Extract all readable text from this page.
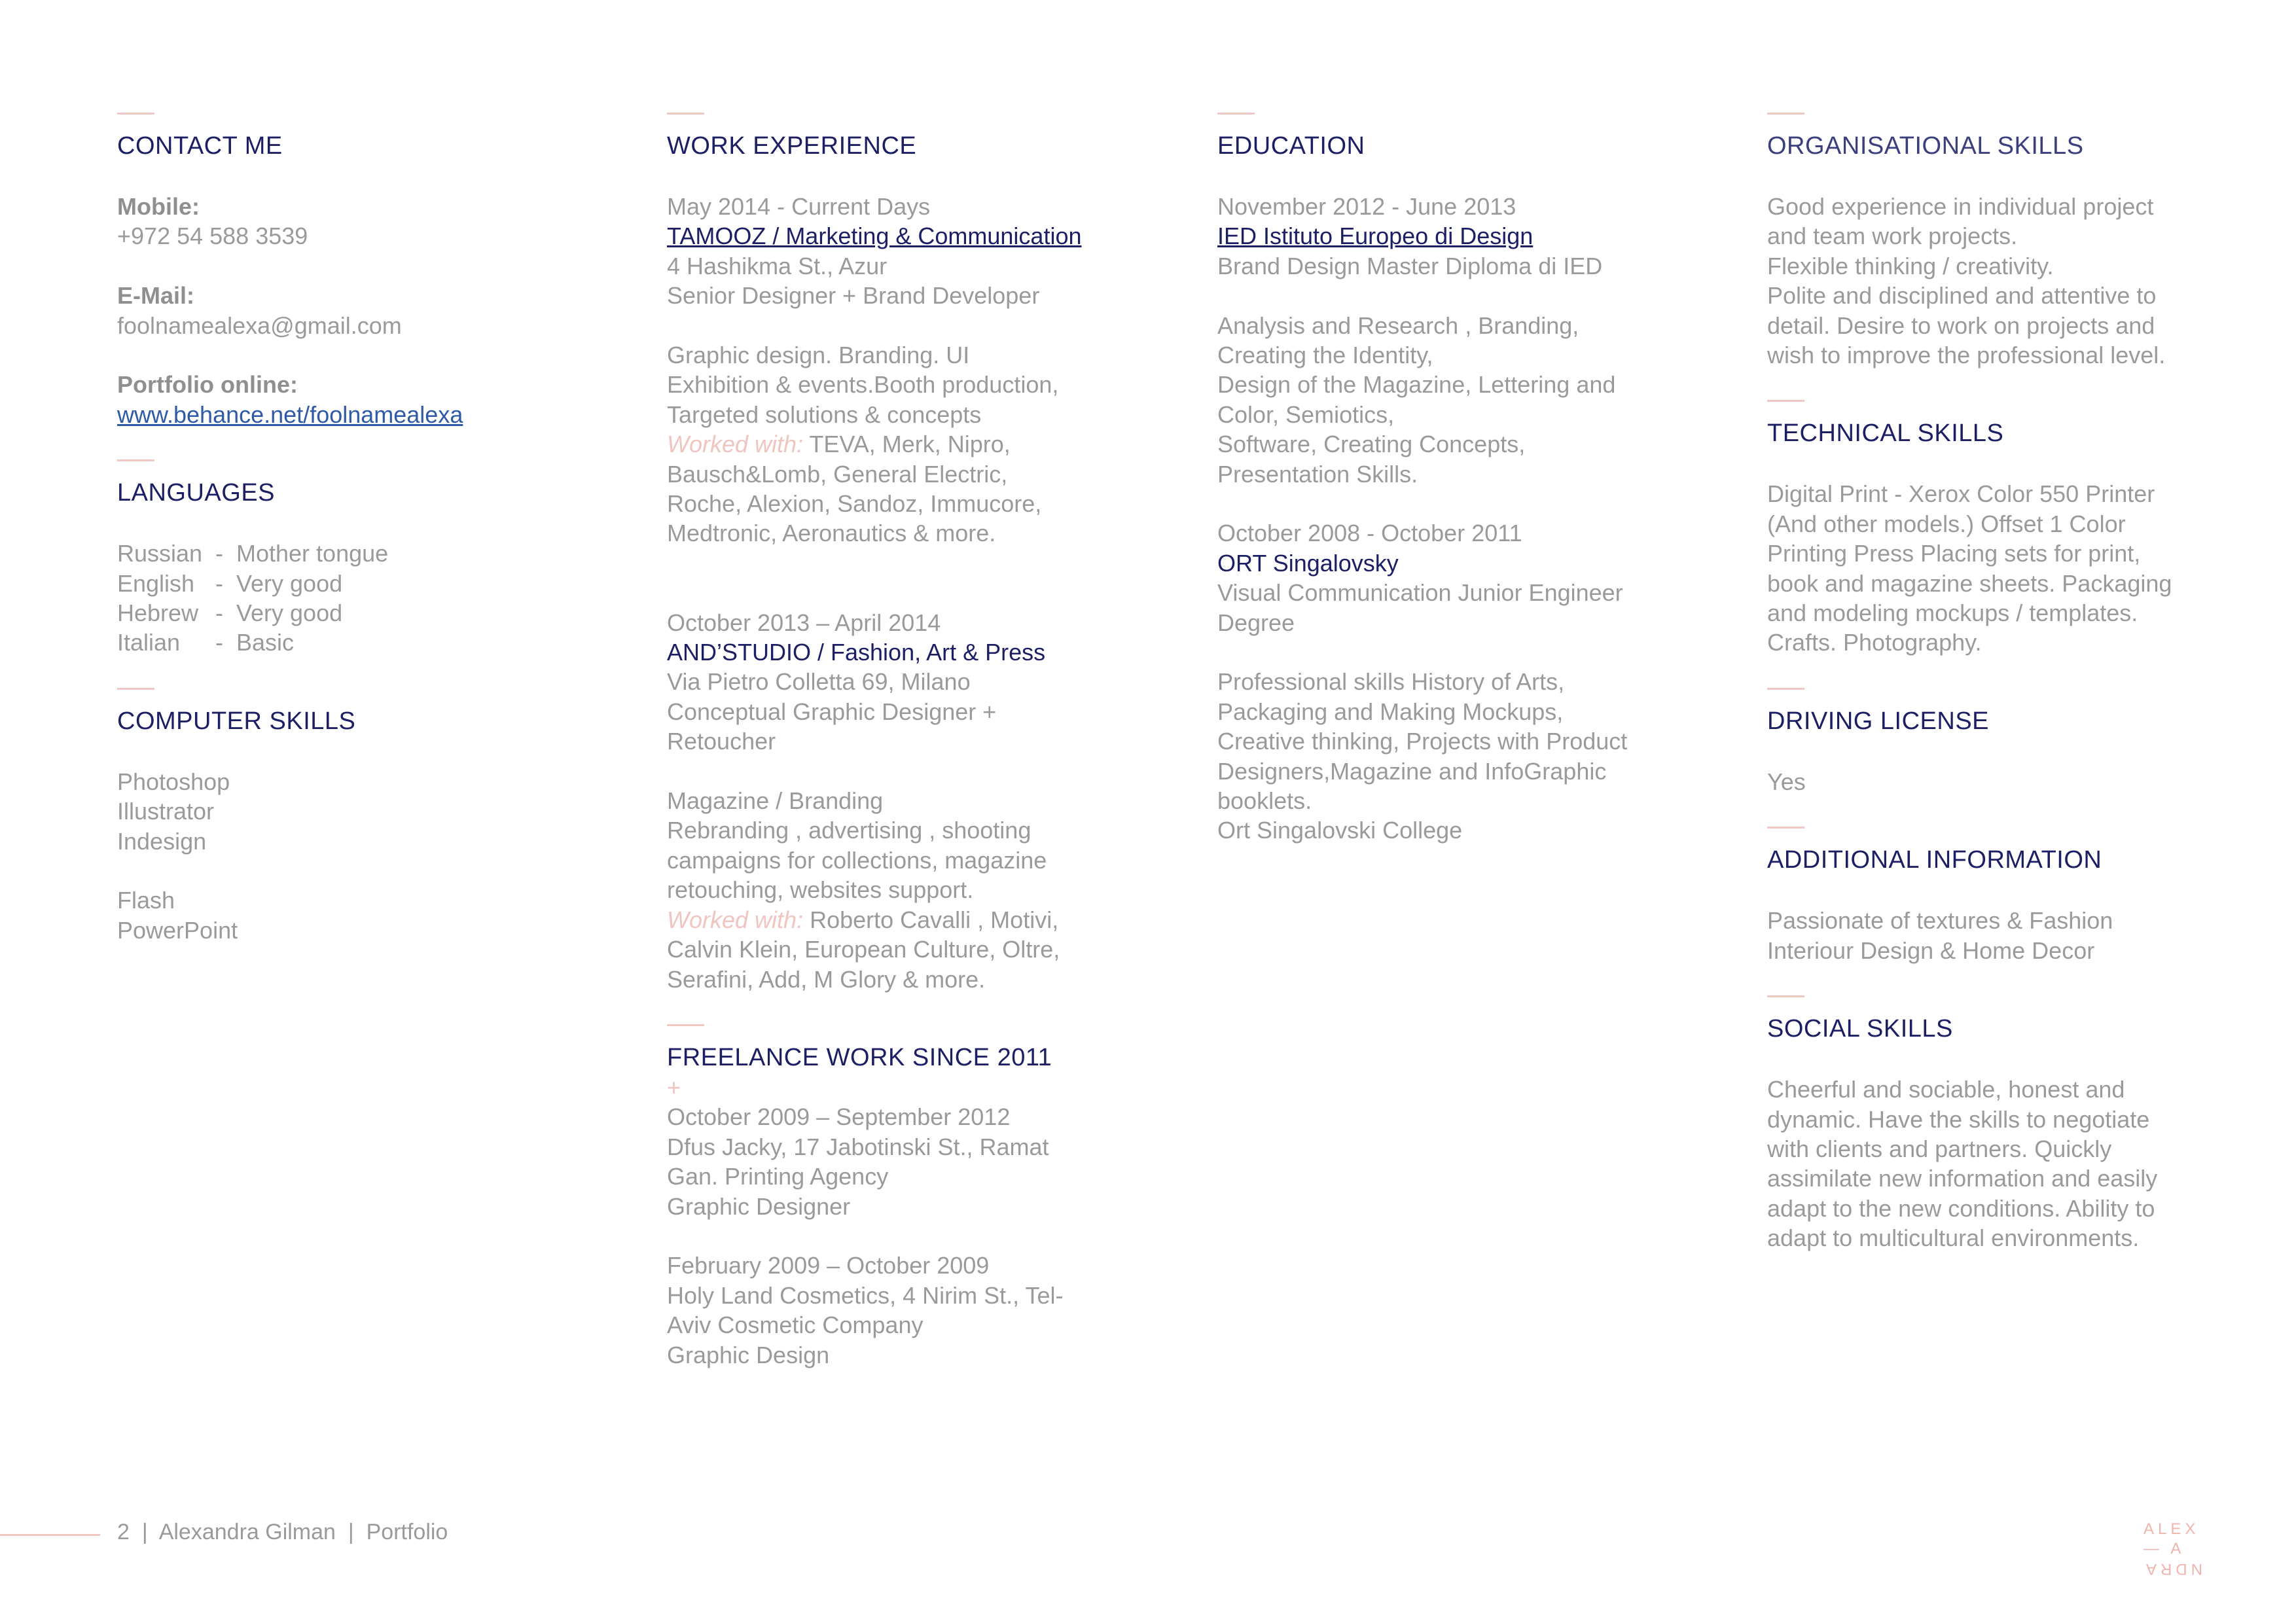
CONTACT ME
Mobile:
+972 54 588 3539
E-Mail:
foolnamealexa@gmail.com
Portfolio online:
www.behance.net/foolnamealexa
LANGUAGES
Russian - Mother tongue
English - Very good
Hebrew - Very good
Italian - Basic
COMPUTER SKILLS
Photoshop
Illustrator
Indesign
Flash
PowerPoint
WORK EXPERIENCE
May 2014 - Current Days
TAMOOZ / Marketing & Communication
4 Hashikma St., Azur
Senior Designer + Brand Developer
Graphic design. Branding. UI
Exhibition & events.Booth production,
Targeted solutions & concepts
Worked with: TEVA, Merk, Nipro,
Bausch&Lomb, General Electric,
Roche, Alexion, Sandoz, Immucore,
Medtronic, Aeronautics & more.
October 2013 – April 2014
AND’STUDIO / Fashion, Art & Press
Via Pietro Colletta 69, Milano
Conceptual Graphic Designer +
Retoucher
Magazine / Branding
Rebranding , advertising , shooting
campaigns for collections, magazine
retouching, websites support.
Worked with: Roberto Cavalli , Motivi,
Calvin Klein, European Culture, Oltre,
Serafini, Add, M Glory & more.
FREELANCE WORK SINCE 2011
+
October 2009 – September 2012
Dfus Jacky, 17 Jabotinski St., Ramat
Gan. Printing Agency
Graphic Designer
February 2009 – October 2009
Holy Land Cosmetics, 4 Nirim St., Tel-
Aviv Cosmetic Company
Graphic Design
EDUCATION
November 2012 - June 2013
IED Istituto Europeo di Design
Brand Design Master Diploma di IED
Analysis and Research , Branding,
Creating the Identity,
Design of the Magazine, Lettering and
Color, Semiotics,
Software, Creating Concepts,
Presentation Skills.
October 2008 - October 2011
ORT Singalovsky
Visual Communication Junior Engineer
Degree
Professional skills History of Arts,
Packaging and Making Mockups,
Creative thinking, Projects with Product
Designers,Magazine and InfoGraphic
booklets.
Ort Singalovski College
ORGANISATIONAL SKILLS
Good experience in individual project
and team work projects.
Flexible thinking / creativity.
Polite and disciplined and attentive to
detail. Desire to work on projects and
wish to improve the professional level.
TECHNICAL SKILLS
Digital Print - Xerox Color 550 Printer
(And other models.) Offset 1 Color
Printing Press Placing sets for print,
book and magazine sheets. Packaging
and modeling mockups / templates.
Crafts. Photography.
DRIVING LICENSE
Yes
ADDITIONAL INFORMATION
Passionate of textures & Fashion
Interiour Design & Home Decor
SOCIAL SKILLS
Cheerful and sociable, honest and
dynamic. Have the skills to negotiate
with clients and partners. Quickly
assimilate new information and easily
adapt to the new conditions. Ability to
adapt to multicultural environments.
2 | Alexandra Gilman | Portfolio	ALEX
— A
NDRA
